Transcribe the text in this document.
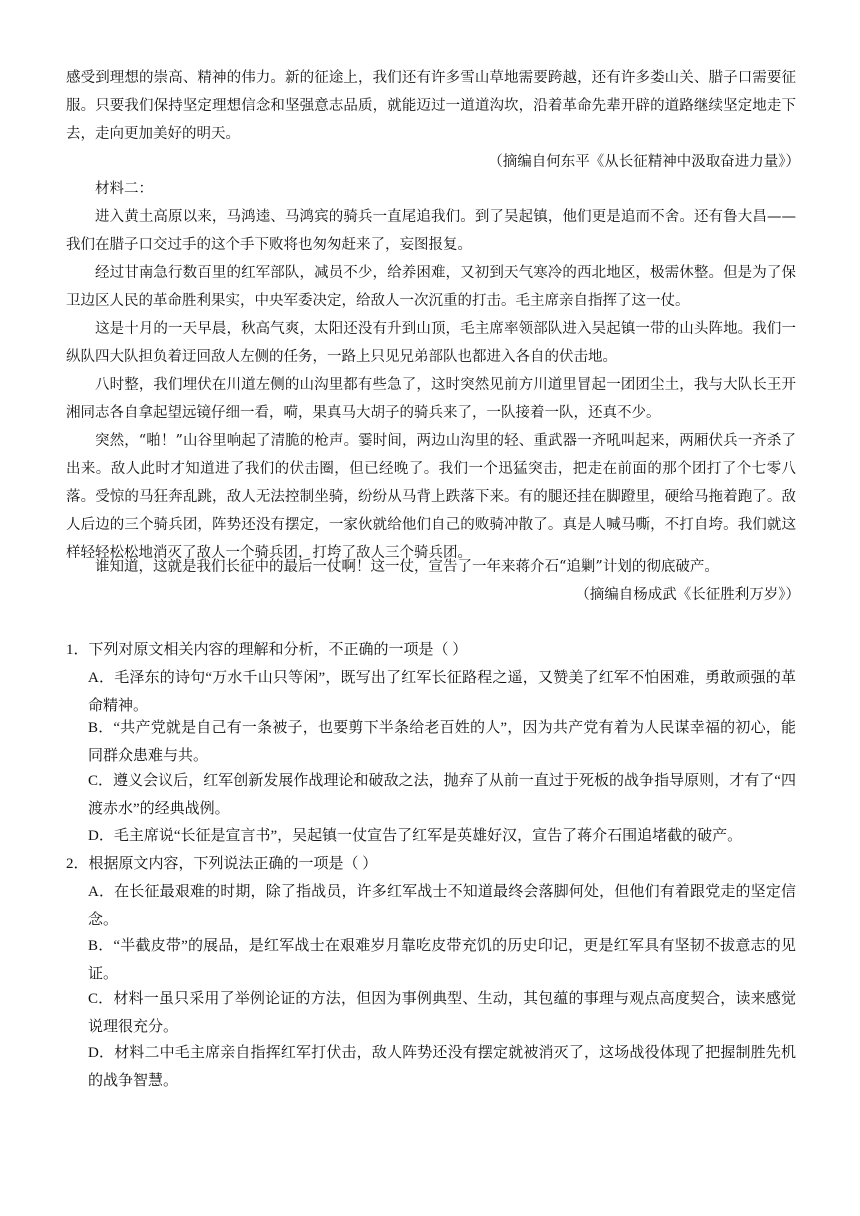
感受到理想的崇高、精神的伟力。新的征途上，我们还有许多雪山草地需要跨越，还有许多娄山关、腊子口需要征服。只要我们保持坚定理想信念和坚强意志品质，就能迈过一道道沟坎，沿着革命先辈开辟的道路继续坚定地走下去，走向更加美好的明天。

（摘编自何东平《从长征精神中汲取奋进力量》）

材料二：

进入黄土高原以来，马鸿逵、马鸿宾的骑兵一直尾追我们。到了吴起镇，他们更是追而不舍。还有鲁大昌——我们在腊子口交过手的这个手下败将也匆匆赶来了，妄图报复。

经过甘南急行数百里的红军部队，减员不少，给养困难，又初到天气寒冷的西北地区，极需休整。但是为了保卫边区人民的革命胜利果实，中央军委决定，给敌人一次沉重的打击。毛主席亲自指挥了这一仗。

这是十月的一天早晨，秋高气爽，太阳还没有升到山顶，毛主席率领部队进入吴起镇一带的山头阵地。我们一纵队四大队担负着迂回敌人左侧的任务，一路上只见兄弟部队也都进入各自的伏击地。

八时整，我们埋伏在川道左侧的山沟里都有些急了，这时突然见前方川道里冒起一团团尘土，我与大队长王开湘同志各自拿起望远镜仔细一看，嗬，果真马大胡子的骑兵来了，一队接着一队，还真不少。

突然，“啪！”山谷里响起了清脆的枪声。霎时间，两边山沟里的轻、重武器一齐吼叫起来，两厢伏兵一齐杀了出来。敌人此时才知道进了我们的伏击圈，但已经晚了。我们一个迅猛突击，把走在前面的那个团打了个七零八落。受惊的马狂奔乱跳，敌人无法控制坐骑，纷纷从马背上跌落下来。有的腿还挂在脚蹬里，硬给马拖着跑了。敌人后边的三个骑兵团，阵势还没有摆定，一家伙就给他们自己的败骑冲散了。真是人喊马嘶，不打自垮。我们就这样轻轻松松地消灭了敌人一个骑兵团，打垮了敌人三个骑兵团。

谁知道，这就是我们长征中的最后一仗啊！这一仗，宣告了一年来蒋介石“追剿”计划的彻底破产。

（摘编自杨成武《长征胜利万岁》）

1．下列对原文相关内容的理解和分析，不正确的一项是（ ）

A．毛泽东的诗句“万水千山只等闲”，既写出了红军长征路程之遥，又赞美了红军不怕困难，勇敢顽强的革命精神。

B．“共产党就是自己有一条被子，也要剪下半条给老百姓的人”，因为共产党有着为人民谋幸福的初心，能同群众患难与共。

C．遵义会议后，红军创新发展作战理论和破敌之法，抛弃了从前一直过于死板的战争指导原则，才有了“四渡赤水”的经典战例。

D．毛主席说“长征是宣言书”，吴起镇一仗宣告了红军是英雄好汉，宣告了蒋介石围追堵截的破产。

2．根据原文内容，下列说法正确的一项是（ ）

A．在长征最艰难的时期，除了指战员，许多红军战士不知道最终会落脚何处，但他们有着跟党走的坚定信念。

B．“半截皮带”的展品，是红军战士在艰难岁月靠吃皮带充饥的历史印记，更是红军具有坚韧不拔意志的见证。

C．材料一虽只采用了举例论证的方法，但因为事例典型、生动，其包蕴的事理与观点高度契合，读来感觉说理很充分。

D．材料二中毛主席亲自指挥红军打伏击，敌人阵势还没有摆定就被消灭了，这场战役体现了把握制胜先机的战争智慧。
